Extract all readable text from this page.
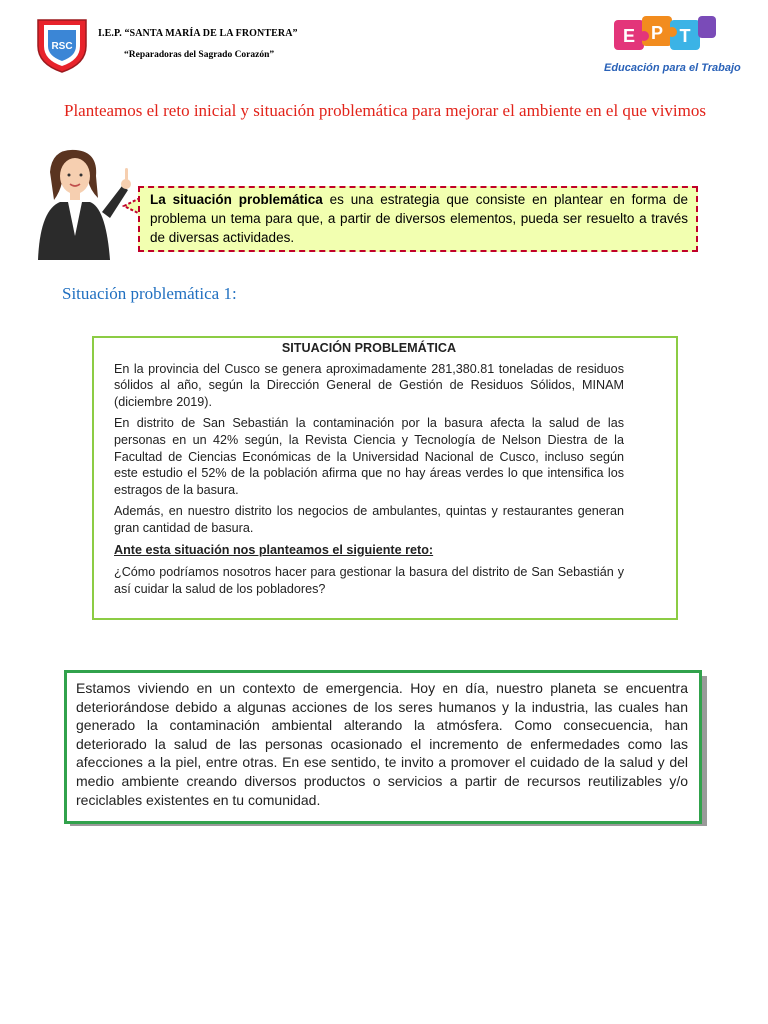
RSC
I.E.P. “SANTA MARÍA DE LA FRONTERA”
“Reparadoras del Sagrado Corazón”
E P T
Educación para el Trabajo
Planteamos el reto inicial y situación problemática para mejorar el ambiente en el que vivimos
La situación problemática es una estrategia que consiste en plantear en forma de problema un tema para que, a partir de diversos elementos, pueda ser resuelto a través de diversas actividades.
Situación problemática 1:

SITUACIÓN PROBLEMÁTICA

En la provincia del Cusco se genera aproximadamente 281,380.81 toneladas de residuos sólidos al año, según la Dirección General de Gestión de Residuos Sólidos, MINAM (diciembre 2019).

En distrito de San Sebastián la contaminación por la basura afecta la salud de las personas en un 42% según, la Revista Ciencia y Tecnología de Nelson Diestra de la Facultad de Ciencias Económicas de la Universidad Nacional de Cusco, incluso según este estudio el 52% de la población afirma que no hay áreas verdes lo que intensifica los estragos de la basura.

Además, en nuestro distrito los negocios de ambulantes, quintas y restaurantes generan gran cantidad de basura.

Ante esta situación nos planteamos el siguiente reto:

¿Cómo podríamos nosotros hacer para gestionar la basura del distrito de San Sebastián y así cuidar la salud de los pobladores?

Estamos viviendo en un contexto de emergencia. Hoy en día, nuestro planeta se encuentra deteriorándose debido a algunas acciones de los seres humanos y la industria, las cuales han generado la contaminación ambiental alterando la atmósfera. Como consecuencia, han deteriorado la salud de las personas ocasionado el incremento de enfermedades como las afecciones a la piel, entre otras. En ese sentido, te invito a promover el cuidado de la salud y del medio ambiente creando diversos productos o servicios a partir de recursos reutilizables y/o reciclables existentes en tu comunidad.
